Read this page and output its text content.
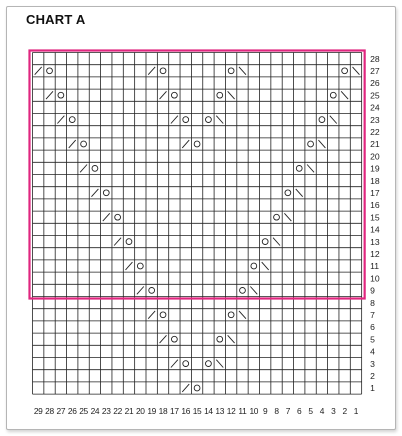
CHART A
1
2
3
4
5
6
7
8
9
10
11
12
13
14
15
16
17
18
19
20
21
22
23
24
25
26
27
28
29 28 27 26 25 24 23 22 21 20 19 18 17 16 15 14 13 12 11 10 9 8 7 6 5 4 3 2 1
